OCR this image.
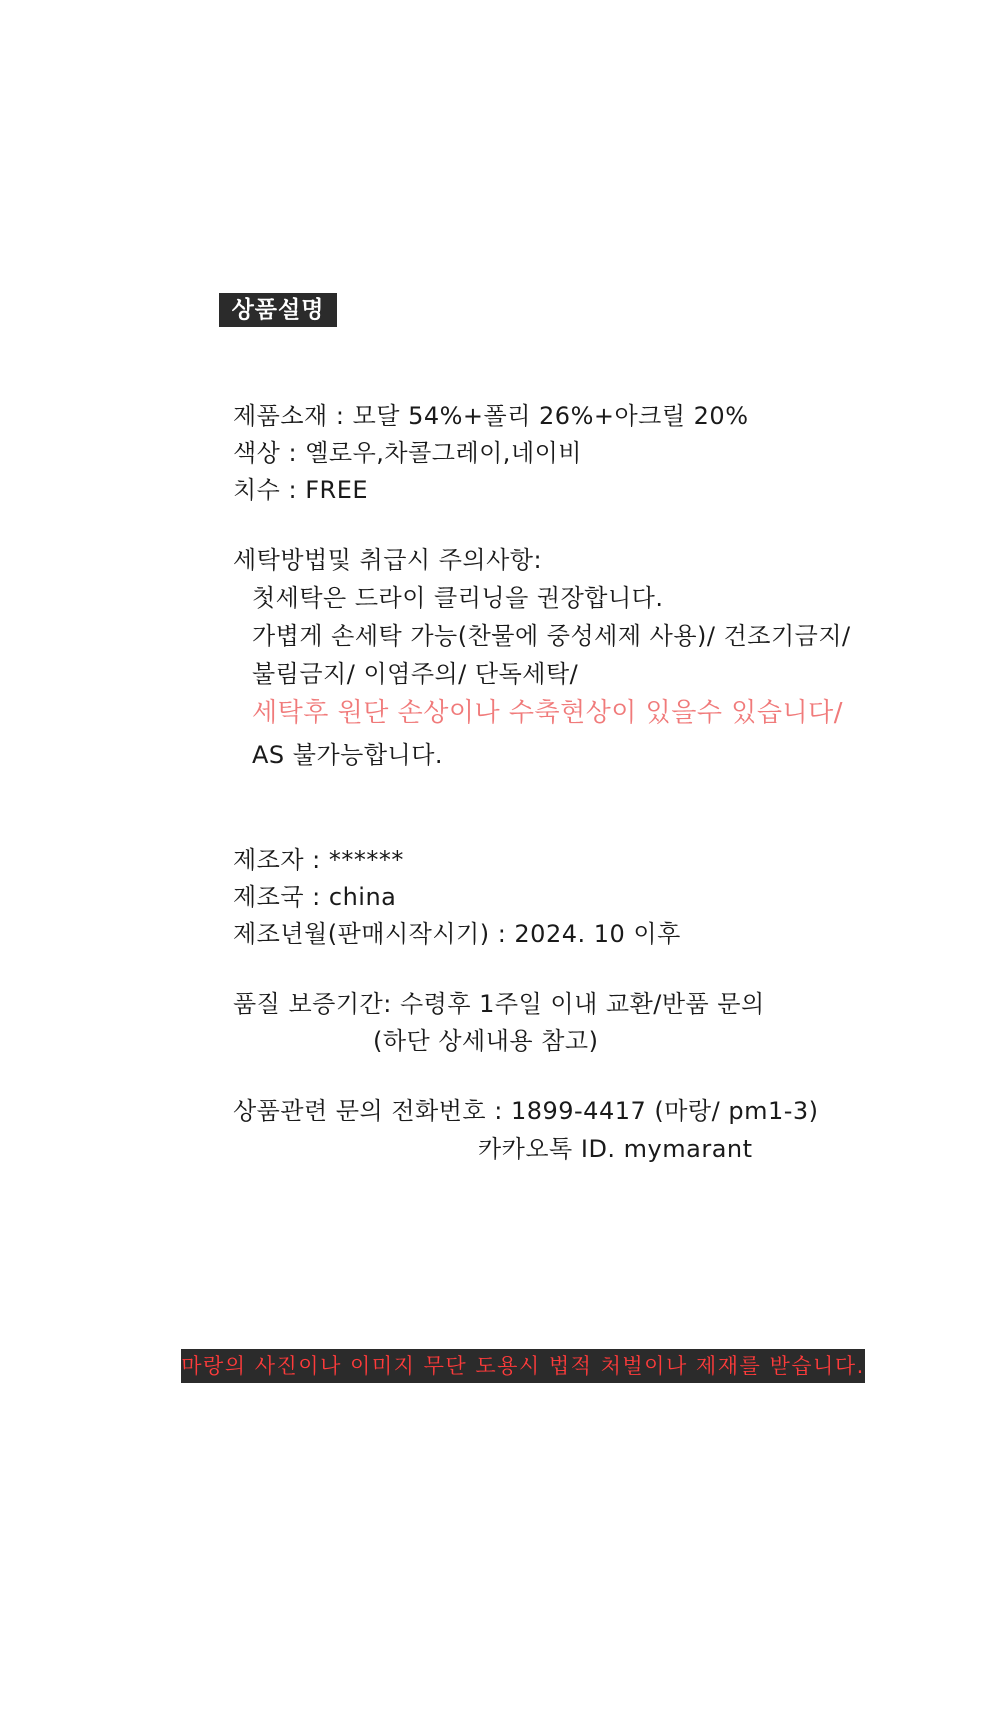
상품설명
제품소재 : 모달 54%+폴리 26%+아크릴 20%
색상 : 옐로우,차콜그레이,네이비
치수 : FREE
세탁방법및 취급시 주의사항:
첫세탁은 드라이 클리닝을 권장합니다.
가볍게 손세탁 가능(찬물에 중성세제 사용)/ 건조기금지/
불림금지/ 이염주의/ 단독세탁/
세탁후 원단 손상이나 수축현상이 있을수 있습니다/
AS 불가능합니다.
제조자 : ******
제조국 : china
제조년월(판매시작시기) : 2024. 10 이후
품질 보증기간: 수령후 1주일 이내 교환/반품 문의
(하단 상세내용 참고)
상품관련 문의 전화번호 : 1899-4417 (마랑/ pm1-3)
카카오톡 ID. mymarant
마랑의 사진이나 이미지 무단 도용시 법적 처벌이나 제재를 받습니다.
